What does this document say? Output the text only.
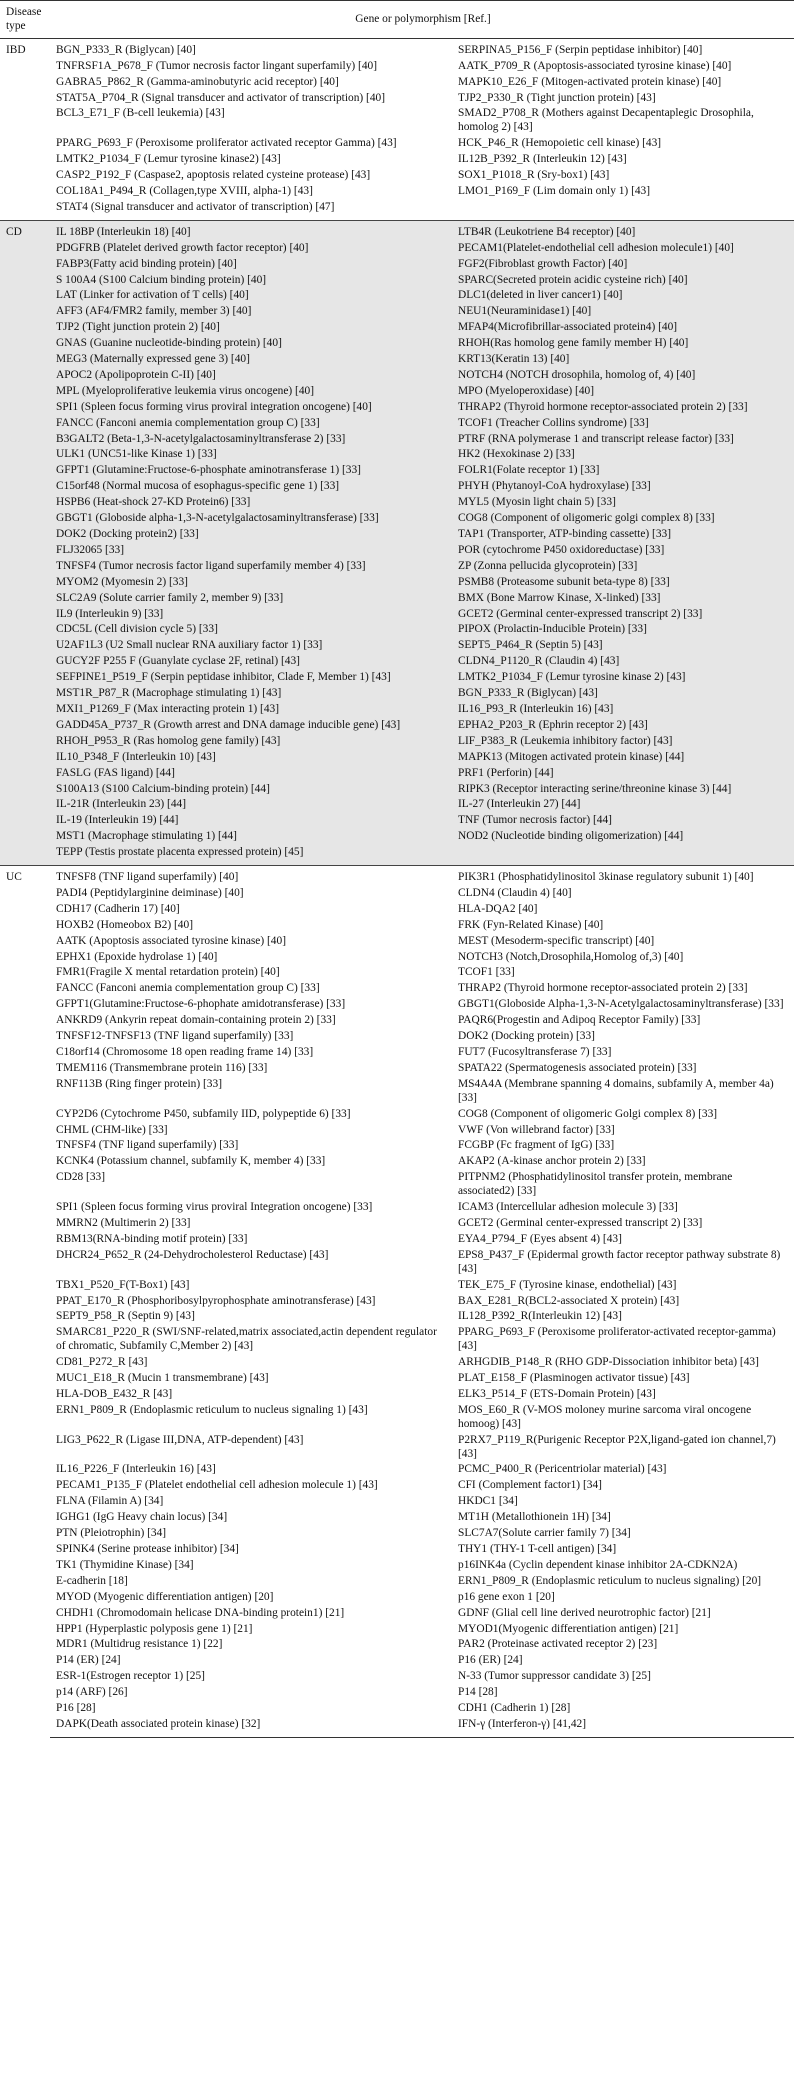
Disease type	Gene or polymorphism [Ref.]	
IBD	BGN_P333_R (Biglycan) [40]	SERPINA5_P156_F (Serpin peptidase inhibitor) [40]
	TNFRSF1A_P678_F (Tumor necrosis factor lingant superfamily) [40]	AATK_P709_R (Apoptosis-associated tyrosine kinase) [40]
	GABRA5_P862_R (Gamma-aminobutyric acid receptor) [40]	MAPK10_E26_F (Mitogen-activated protein kinase) [40]
	STAT5A_P704_R (Signal transducer and activator of transcription) [40]	TJP2_P330_R (Tight junction protein) [43]
	BCL3_E71_F (B-cell leukemia) [43]	SMAD2_P708_R (Mothers against Decapentaplegic Drosophila, homolog 2) [43]
	PPARG_P693_F (Peroxisome proliferator activated receptor Gamma) [43]	HCK_P46_R (Hemopoietic cell kinase) [43]
	LMTK2_P1034_F (Lemur tyrosine kinase2) [43]	IL12B_P392_R (Interleukin 12) [43]
	CASP2_P192_F (Caspase2, apoptosis related cysteine protease) [43]	SOX1_P1018_R (Sry-box1) [43]
	COL18A1_P494_R (Collagen,type XVIII, alpha-1) [43]	LMO1_P169_F (Lim domain only 1) [43]
	STAT4 (Signal transducer and activator of transcription) [47]	
CD	IL 18BP (Interleukin 18) [40]	LTB4R (Leukotriene B4 receptor) [40]
	PDGFRB (Platelet derived growth factor receptor) [40]	PECAM1(Platelet-endothelial cell adhesion molecule1) [40]
	FABP3(Fatty acid binding protein) [40]	FGF2(Fibroblast growth Factor) [40]
	S 100A4 (S100 Calcium binding protein) [40]	SPARC(Secreted protein acidic cysteine rich) [40]
	LAT (Linker for activation of T cells) [40]	DLC1(deleted in liver cancer1) [40]
	AFF3 (AF4/FMR2 family, member 3) [40]	NEU1(Neuraminidase1) [40]
	TJP2 (Tight junction protein 2) [40]	MFAP4(Microfibrillar-associated protein4) [40]
	GNAS (Guanine nucleotide-binding protein) [40]	RHOH(Ras homolog gene family member H) [40]
	MEG3 (Maternally expressed gene 3) [40]	KRT13(Keratin 13) [40]
	APOC2 (Apolipoprotein C-II) [40]	NOTCH4 (NOTCH drosophila, homolog of, 4) [40]
	MPL (Myeloproliferative leukemia virus oncogene) [40]	MPO (Myeloperoxidase) [40]
	SPI1 (Spleen focus forming virus proviral integration oncogene) [40]	THRAP2 (Thyroid hormone receptor-associated protein 2) [33]
	FANCC (Fanconi anemia complementation group C) [33]	TCOF1 (Treacher Collins syndrome) [33]
	B3GALT2 (Beta-1,3-N-acetylgalactosaminyltransferase 2) [33]	PTRF (RNA polymerase 1 and transcript release factor) [33]
	ULK1 (UNC51-like Kinase 1) [33]	HK2 (Hexokinase 2) [33]
	GFPT1 (Glutamine:Fructose-6-phosphate aminotransferase 1) [33]	FOLR1(Folate receptor 1) [33]
	C15orf48 (Normal mucosa of esophagus-specific gene 1) [33]	PHYH (Phytanoyl-CoA hydroxylase) [33]
	HSPB6 (Heat-shock 27-KD Protein6) [33]	MYL5 (Myosin light chain 5) [33]
	GBGT1 (Globoside alpha-1,3-N-acetylgalactosaminyltransferase) [33]	COG8 (Component of oligomeric golgi complex 8) [33]
	DOK2 (Docking protein2) [33]	TAP1 (Transporter, ATP-binding cassette) [33]
	FLJ32065 [33]	POR (cytochrome P450 oxidoreductase) [33]
	TNFSF4 (Tumor necrosis factor ligand superfamily member 4) [33]	ZP (Zonna pellucida glycoprotein) [33]
	MYOM2 (Myomesin 2) [33]	PSMB8 (Proteasome subunit beta-type 8) [33]
	SLC2A9 (Solute carrier family 2, member 9) [33]	BMX (Bone Marrow Kinase, X-linked) [33]
	IL9 (Interleukin 9) [33]	GCET2 (Germinal center-expressed transcript 2) [33]
	CDC5L (Cell division cycle 5) [33]	PIPOX (Prolactin-Inducible Protein) [33]
	U2AF1L3 (U2 Small nuclear RNA auxiliary factor 1) [33]	SEPT5_P464_R (Septin 5) [43]
	GUCY2F P255 F (Guanylate cyclase 2F, retinal) [43]	CLDN4_P1120_R (Claudin 4) [43]
	SEFPINE1_P519_F (Serpin peptidase inhibitor, Clade F, Member 1) [43]	LMTK2_P1034_F (Lemur tyrosine kinase 2) [43]
	MST1R_P87_R (Macrophage stimulating 1) [43]	BGN_P333_R (Biglycan) [43]
	MXI1_P1269_F (Max interacting protein 1) [43]	IL16_P93_R (Interleukin 16) [43]
	GADD45A_P737_R (Growth arrest and DNA damage inducible gene) [43]	EPHA2_P203_R (Ephrin receptor 2) [43]
	RHOH_P953_R (Ras homolog gene family) [43]	LIF_P383_R (Leukemia inhibitory factor) [43]
	IL10_P348_F (Interleukin 10) [43]	MAPK13 (Mitogen activated protein kinase) [44]
	FASLG (FAS ligand) [44]	PRF1 (Perforin) [44]
	S100A13 (S100 Calcium-binding protein) [44]	RIPK3 (Receptor interacting serine/threonine kinase 3) [44]
	IL-21R (Interleukin 23) [44]	IL-27 (Interleukin 27) [44]
	IL-19 (Interleukin 19) [44]	TNF (Tumor necrosis factor) [44]
	MST1 (Macrophage stimulating 1) [44]	NOD2 (Nucleotide binding oligomerization) [44]
	TEPP (Testis prostate placenta expressed protein) [45]	
UC	TNFSF8 (TNF ligand superfamily) [40]	PIK3R1 (Phosphatidylinositol 3kinase regulatory subunit 1) [40]
	PADI4 (Peptidylarginine deiminase) [40]	CLDN4 (Claudin 4) [40]
	CDH17 (Cadherin 17) [40]	HLA-DQA2 [40]
	HOXB2 (Homeobox B2) [40]	FRK (Fyn-Related Kinase) [40]
	AATK (Apoptosis associated tyrosine kinase) [40]	MEST (Mesoderm-specific transcript) [40]
	EPHX1 (Epoxide hydrolase 1) [40]	NOTCH3 (Notch,Drosophila,Homolog of,3) [40]
	FMR1(Fragile X mental retardation protein) [40]	TCOF1 [33]
	FANCC (Fanconi anemia complementation group C) [33]	THRAP2 (Thyroid hormone receptor-associated protein 2) [33]
	GFPT1(Glutamine:Fructose-6-phophate amidotransferase) [33]	GBGT1(Globoside Alpha-1,3-N-Acetylgalactosaminyltransferase) [33]
	ANKRD9 (Ankyrin repeat domain-containing protein 2) [33]	PAQR6(Progestin and Adipoq Receptor Family) [33]
	TNFSF12-TNFSF13 (TNF ligand superfamily) [33]	DOK2 (Docking protein) [33]
	C18orf14 (Chromosome 18 open reading frame 14) [33]	FUT7 (Fucosyltransferase 7) [33]
	TMEM116 (Transmembrane protein 116) [33]	SPATA22 (Spermatogenesis associated protein) [33]
	RNF113B (Ring finger protein) [33]	MS4A4A (Membrane spanning 4 domains, subfamily A, member 4a) [33]
	CYP2D6 (Cytochrome P450, subfamily IID, polypeptide 6) [33]	COG8 (Component of oligomeric Golgi complex 8) [33]
	CHML (CHM-like) [33]	VWF (Von willebrand factor) [33]
	TNFSF4 (TNF ligand superfamily) [33]	FCGBP (Fc fragment of IgG) [33]
	KCNK4 (Potassium channel, subfamily K, member 4) [33]	AKAP2 (A-kinase anchor protein 2) [33]
	CD28 [33]	PITPNM2 (Phosphatidylinositol transfer protein, membrane associated2) [33]
	SPI1 (Spleen focus forming virus proviral Integration oncogene) [33]	ICAM3 (Intercellular adhesion molecule 3) [33]
	MMRN2 (Multimerin 2) [33]	GCET2 (Germinal center-expressed transcript 2) [33]
	RBM13(RNA-binding motif protein) [33]	EYA4_P794_F (Eyes absent 4) [43]
	DHCR24_P652_R (24-Dehydrocholesterol Reductase) [43]	EPS8_P437_F (Epidermal growth factor receptor pathway substrate 8) [43]
	TBX1_P520_F(T-Box1) [43]	TEK_E75_F (Tyrosine kinase, endothelial) [43]
	PPAT_E170_R (Phosphoribosylpyrophosphate aminotransferase) [43]	BAX_E281_R(BCL2-associated X protein) [43]
	SEPT9_P58_R (Septin 9) [43]	IL128_P392_R(Interleukin 12) [43]
	SMARC81_P220_R (SWI/SNF-related,matrix associated,actin dependent regulator of chromatic, Subfamily C,Member 2) [43]	PPARG_P693_F (Peroxisome proliferator-activated receptor-gamma) [43]
	CD81_P272_R [43]	ARHGDIB_P148_R (RHO GDP-Dissociation inhibitor beta) [43]
	MUC1_E18_R (Mucin 1 transmembrane) [43]	PLAT_E158_F (Plasminogen activator tissue) [43]
	HLA-DOB_E432_R [43]	ELK3_P514_F (ETS-Domain Protein) [43]
	ERN1_P809_R (Endoplasmic reticulum to nucleus signaling 1) [43]	MOS_E60_R (V-MOS moloney murine sarcoma viral oncogene homoog) [43]
	LIG3_P622_R (Ligase III,DNA, ATP-dependent) [43]	P2RX7_P119_R(Purigenic Receptor P2X,ligand-gated ion channel,7) [43]
	IL16_P226_F (Interleukin 16) [43]	PCMC_P400_R (Pericentriolar material) [43]
	PECAM1_P135_F (Platelet endothelial cell adhesion molecule 1) [43]	CFI (Complement factor1) [34]
	FLNA (Filamin A) [34]	HKDC1 [34]
	IGHG1 (IgG Heavy chain locus) [34]	MT1H (Metallothionein 1H) [34]
	PTN (Pleiotrophin) [34]	SLC7A7(Solute carrier family 7) [34]
	SPINK4 (Serine protease inhibitor) [34]	THY1 (THY-1 T-cell antigen) [34]
	TK1 (Thymidine Kinase) [34]	p16INK4a (Cyclin dependent kinase inhibitor 2A-CDKN2A)
	E-cadherin [18]	ERN1_P809_R (Endoplasmic reticulum to nucleus signaling) [20]
	MYOD (Myogenic differentiation antigen) [20]	p16 gene exon 1 [20]
	CHDH1 (Chromodomain helicase DNA-binding protein1) [21]	GDNF (Glial cell line derived neurotrophic factor) [21]
	HPP1 (Hyperplastic polyposis gene 1) [21]	MYOD1(Myogenic differentiation antigen) [21]
	MDR1 (Multidrug resistance 1) [22]	PAR2 (Proteinase activated receptor 2) [23]
	P14 (ER) [24]	P16 (ER) [24]
	ESR-1(Estrogen receptor 1) [25]	N-33 (Tumor suppressor candidate 3) [25]
	p14 (ARF) [26]	P14 [28]
	P16 [28]	CDH1 (Cadherin 1) [28]
	DAPK(Death associated protein kinase) [32]	IFN-γ (Interferon-γ) [41,42]
